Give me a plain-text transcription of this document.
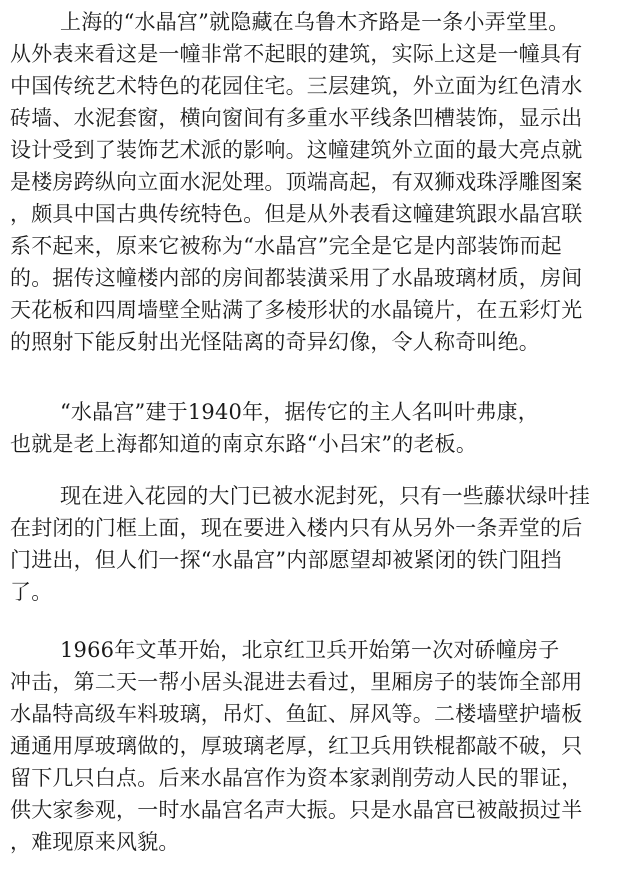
上海的“水晶宫”就隐藏在乌鲁木齐路是一条小弄堂里。
从外表来看这是一幢非常不起眼的建筑，实际上这是一幢具有
中国传统艺术特色的花园住宅。三层建筑，外立面为红色清水
砖墙、水泥套窗，横向窗间有多重水平线条凹槽装饰，显示出
设计受到了装饰艺术派的影响。这幢建筑外立面的最大亮点就
是楼房跨纵向立面水泥处理。顶端高起，有双狮戏珠浮雕图案
，颇具中国古典传统特色。但是从外表看这幢建筑跟水晶宫联
系不起来，原来它被称为“水晶宫”完全是它是内部装饰而起
的。据传这幢楼内部的房间都装潢采用了水晶玻璃材质，房间
天花板和四周墙壁全贴满了多棱形状的水晶镜片，在五彩灯光
的照射下能反射出光怪陆离的奇异幻像，令人称奇叫绝。
“水晶宫”建于1940年，据传它的主人名叫叶弗康，
也就是老上海都知道的南京东路“小吕宋”的老板。
现在进入花园的大门已被水泥封死，只有一些藤状绿叶挂
在封闭的门框上面，现在要进入楼内只有从另外一条弄堂的后
门进出，但人们一探“水晶宫”内部愿望却被紧闭的铁门阻挡
了。
1966年文革开始，北京红卫兵开始第一次对硚幢房子
冲击，第二天一帮小居头混进去看过，里厢房子的装饰全部用
水晶特高级车料玻璃，吊灯、鱼缸、屏风等。二楼墙壁护墙板
通通用厚玻璃做的，厚玻璃老厚，红卫兵用铁棍都敲不破，只
留下几只白点。后来水晶宫作为资本家剥削劳动人民的罪证，
供大家参观，一时水晶宫名声大振。只是水晶宫已被敲损过半
，难现原来风貌。
